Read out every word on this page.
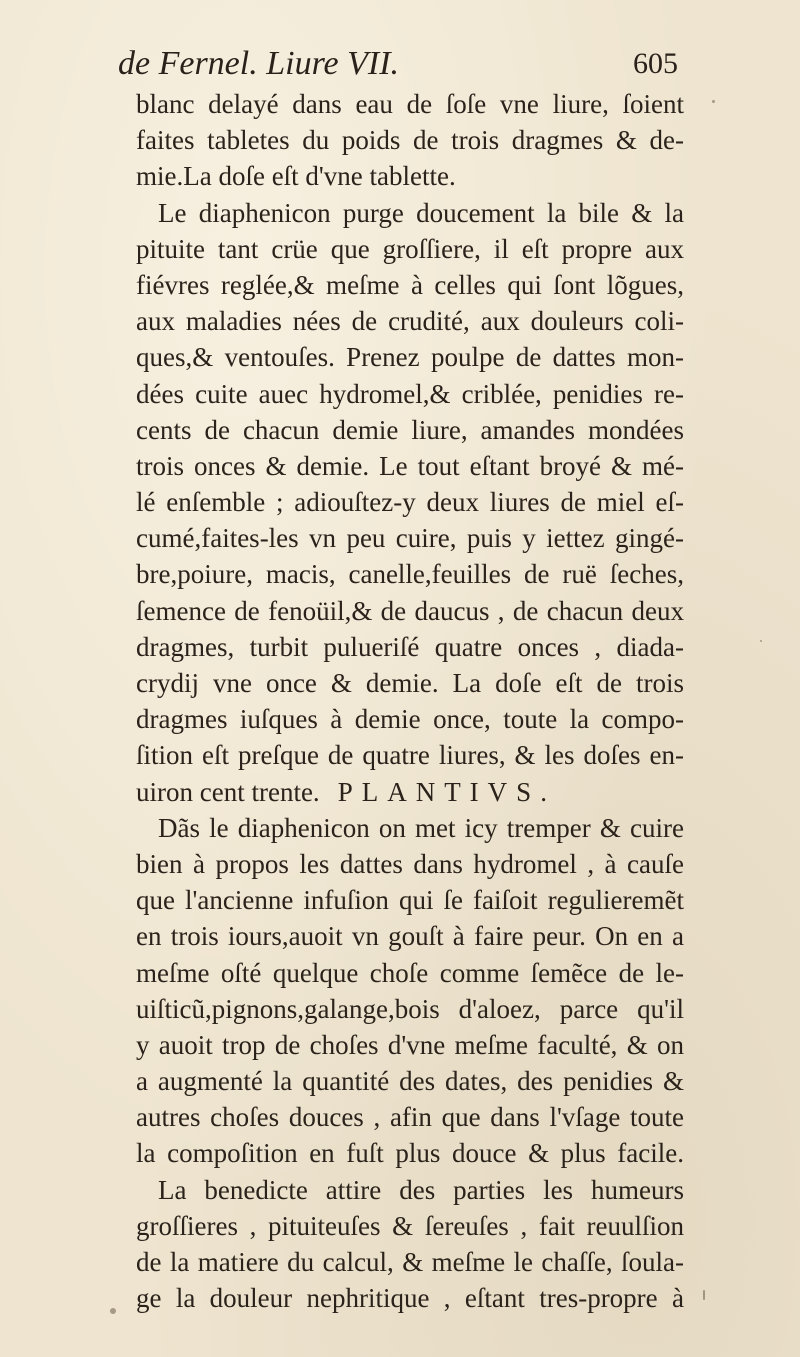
de Fernel. Liure VII.	605
blanc delayé dans eau de ſoſe vne liure, ſoient
faites tabletes du poids de trois dragmes & de-
mie.La doſe eſt d'vne tablette.
Le diaphenicon purge doucement la bile & la
pituite tant crüe que groſſiere, il eſt propre aux
fiévres reglée,& meſme à celles qui ſont lõgues,
aux maladies nées de crudité, aux douleurs coli-
ques,& ventouſes. Prenez poulpe de dattes mon-
dées cuite auec hydromel,& criblée, penidies re-
cents de chacun demie liure, amandes mondées
trois onces & demie. Le tout eſtant broyé & mé-
lé enſemble ; adiouſtez-y deux liures de miel eſ-
cumé,faites-les vn peu cuire, puis y iettez gingé-
bre,poiure, macis, canelle,feuilles de ruë ſeches,
ſemence de fenoüil,& de daucus , de chacun deux
dragmes, turbit pulueriſé quatre onces , diada-
crydij vne once & demie. La doſe eſt de trois
dragmes iuſques à demie once, toute la compo-
ſition eſt preſque de quatre liures, & les doſes en-
uiron cent trente. PLANTIVS.
Dãs le diaphenicon on met icy tremper & cuire
bien à propos les dattes dans hydromel , à cauſe
que l'ancienne infuſion qui ſe faiſoit regulieremẽt
en trois iours,auoit vn gouſt à faire peur. On en a
meſme oſté quelque choſe comme ſemẽce de le-
uiſticũ,pignons,galange,bois d'aloez, parce qu'il
y auoit trop de choſes d'vne meſme faculté, & on
a augmenté la quantité des dates, des penidies &
autres choſes douces , afin que dans l'vſage toute
la compoſition en fuſt plus douce & plus facile.
La benedicte attire des parties les humeurs
groſſieres , pituiteuſes & ſereuſes , fait reuulſion
de la matiere du calcul, & meſme le chaſſe, ſoula-
ge la douleur nephritique , eſtant tres-propre à
